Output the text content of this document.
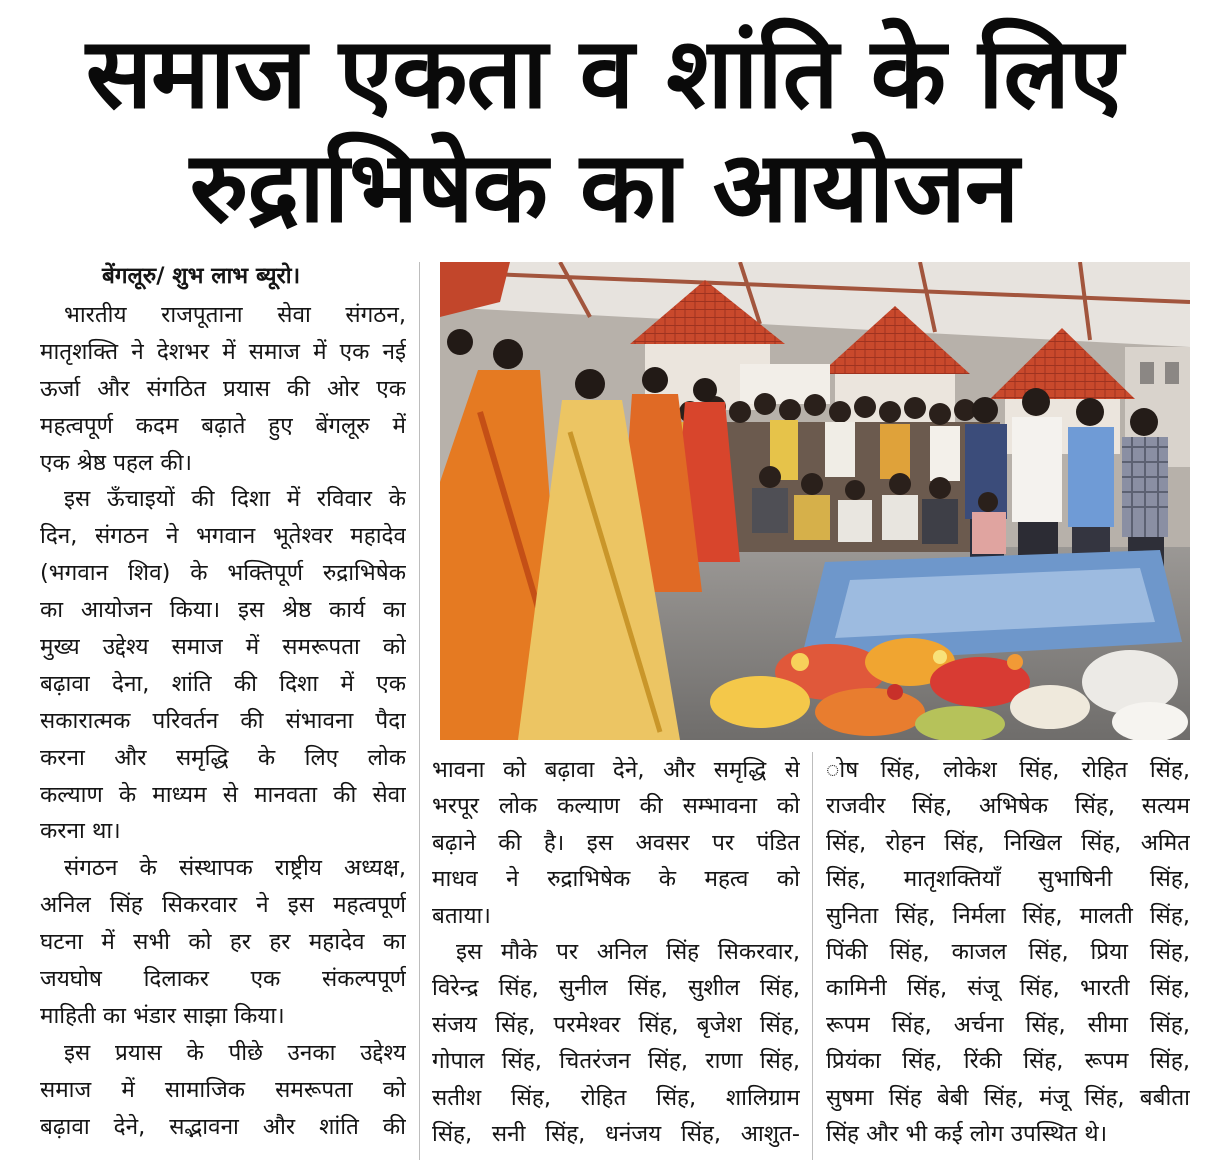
समाज एकता व शांति के लिए
रुद्राभिषेक का आयोजन
बेंगलूरु/ शुभ लाभ ब्यूरो।
भारतीय राजपूताना सेवा संगठन,
मातृशक्ति ने देशभर में समाज में एक नई
ऊर्जा और संगठित प्रयास की ओर एक
महत्वपूर्ण कदम बढ़ाते हुए बेंगलूरु में
एक श्रेष्ठ पहल की।
इस ऊँचाइयों की दिशा में रविवार के
दिन, संगठन ने भगवान भूतेश्वर महादेव
(भगवान शिव) के भक्तिपूर्ण रुद्राभिषेक
का आयोजन किया। इस श्रेष्ठ कार्य का
मुख्य उद्देश्य समाज में समरूपता को
बढ़ावा देना, शांति की दिशा में एक
सकारात्मक परिवर्तन की संभावना पैदा
करना और समृद्धि के लिए लोक
कल्याण के माध्यम से मानवता की सेवा
करना था।
संगठन के संस्थापक राष्ट्रीय अध्यक्ष,
अनिल सिंह सिकरवार ने इस महत्वपूर्ण
घटना में सभी को हर हर महादेव का
जयघोष दिलाकर एक संकल्पपूर्ण
माहिती का भंडार साझा किया।
इस प्रयास के पीछे उनका उद्देश्य
समाज में सामाजिक समरूपता को
बढ़ावा देने, सद्भावना और शांति की
भावना को बढ़ावा देने, और समृद्धि से
भरपूर लोक कल्याण की सम्भावना को
बढ़ाने की है। इस अवसर पर पंडित
माधव ने रुद्राभिषेक के महत्व को
बताया।
इस मौके पर अनिल सिंह सिकरवार,
विरेन्द्र सिंह, सुनील सिंह, सुशील सिंह,
संजय सिंह, परमेश्वर सिंह, बृजेश सिंह,
गोपाल सिंह, चितरंजन सिंह, राणा सिंह,
सतीश सिंह, रोहित सिंह, शालिग्राम
सिंह, सनी सिंह, धनंजय सिंह, आशुत-
ोष सिंह, लोकेश सिंह, रोहित सिंह,
राजवीर सिंह, अभिषेक सिंह, सत्यम
सिंह, रोहन सिंह, निखिल सिंह, अमित
सिंह, मातृशक्तियाँ सुभाषिनी सिंह,
सुनिता सिंह, निर्मला सिंह, मालती सिंह,
पिंकी सिंह, काजल सिंह, प्रिया सिंह,
कामिनी सिंह, संजू सिंह, भारती सिंह,
रूपम सिंह, अर्चना सिंह, सीमा सिंह,
प्रियंका सिंह, रिंकी सिंह, रूपम सिंह,
सुषमा सिंह बेबी सिंह, मंजू सिंह, बबीता
सिंह और भी कई लोग उपस्थित थे।
